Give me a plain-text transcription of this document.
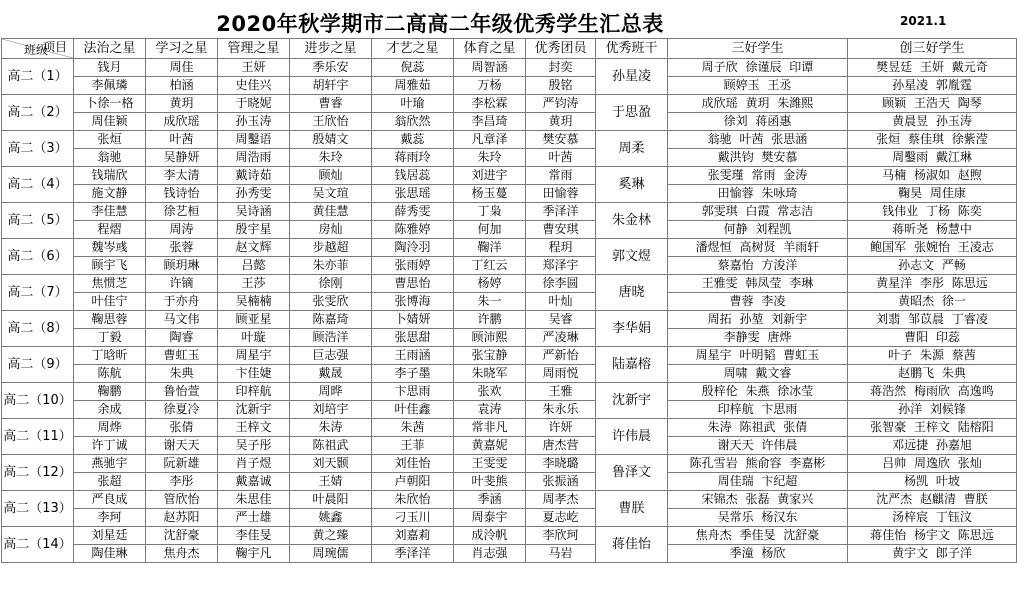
2020年秋学期市二高高二年级优秀学生汇总表	2021.1
项目
班级	法治之星	学习之星	管理之星	进步之星	才艺之星	体育之星	优秀团员	优秀班干	三好学生	创三好学生

高二（1）	钱月	周佳	王妍	季乐安	倪蕊	周智涵	封奕	孙星凌	周子欣 徐谨辰 印谭	樊昱廷 王妍 戴元奇
	李佩璘	柏涵	史佳兴	胡轩宇	周雅茹	万杨	殷铭		顾婷玉 王丞	孙星凌 郭胤霆
高二（2）	卜徐一格	黄玥	于晓妮	曹睿	叶瑜	李松霖	严钧涛	于思盈	成欣瑶 黄玥 朱潍熙	顾颖 王浩天 陶琴
	周佳颖	成欣瑶	孙玉涛	王欣怡	翁欣然	李昌琦	黄玥		徐刘 蒋函惠	黄晨昱 孙玉涛
高二（3）	张烜	叶茜	周鑿语	殷婧文	戴蕊	凡章泽	樊安慕	周柔	翁驰 叶茜 张思涵	张烜 蔡佳琪 徐紫滢
	翁驰	吴静妍	周浩雨	朱玲	蒋雨玲	朱玲	叶茜		戴洪钧 樊安慕	周鑿雨 戴江琳
高二（4）	钱瑞欣	李太清	戴诗茹	顾灿	钱居蕊	刘进宇	常雨	奚琳	张雯瑾 常雨 金涛	马楠 杨淑如 赵煦
	施文静	钱诗怡	孙秀雯	吴文瑄	张思瑶	杨玉蔓	田愉蓉		田愉蓉 朱咏琦	鞠昊 周佳康
高二（5）	李佳慧	徐艺桓	吴诗涵	黄佳慧	薛秀雯	丁枭	季泽洋	朱金林	郭雯琪 白霞 常志洁	钱伟业 丁杨 陈奕
	程熠	周涛	殷宇星	房灿	陈雅婷	何加	曹安琪		何静 刘程凯	蒋昕尧 杨慧中
高二（6）	魏岑彧	张蓉	赵文辉	步越超	陶泠羽	鞠洋	程玥	郭文煜	潘煜恒 高树贤 羊雨轩	鲍国军 张婉怡 王凌志
	顾宇飞	顾玥琳	吕懿	朱亦菲	张雨婷	丁红云	郑泽宇		蔡嘉怡 方浚洋	孙志文 严畅
高二（7）	焦惯芝	许镝	王莎	徐刚	曹思怡	杨婷	徐李圆	唐晓	王雅雯 韩凤莹 李琳	黄星洋 李彤 陈思远
	叶佳宁	于亦舟	吴楠楠	张雯欣	张博海	朱一	叶灿		曹蓉 李凌	黄昭杰 徐一
高二（8）	鞠思蓉	马文伟	顾亚星	陈嘉琦	卜婧妍	许鹏	吴睿	李华娟	周拓 孙堃 刘新宇	刘翡 邹苡晨 丁睿凌
	丁毅	陶睿	叶璇	顾浩洋	张思甜	顾沛熙	严凌琳		李静雯 唐烨	曹阳 印蕊
高二（9）	丁晗昕	曹虹玉	周星宇	巨志强	王雨涵	张宝静	严新怡	陆嘉榕	周星宇 叶明韬 曹虹玉	叶子 朱源 蔡茜
	陈航	朱典	卞佳婕	戴晟	李子墨	朱晓军	周雨悦		周啸 戴文睿	赵鹏飞 朱典
高二（10）	鞠鹏	鲁怡萱	印梓航	周晔	卞思雨	张欢	王雅	沈新宇	殷梓伦 朱燕 徐冰莹	蒋浩然 梅雨欣 高逸鸣
	余成	徐夏冷	沈新宇	刘培宇	叶佳鑫	袁涛	朱永乐		印梓航 卞思雨	孙洋 刘候锋
高二（11）	周烨	张倩	王梓文	朱涛	朱茜	常非凡	许妍	许伟晨	朱涛 陈祖武 张倩	张智豪 王梓文 陆榕阳
	许丁诚	谢天天	吴子彤	陈祖武	王菲	黄嘉妮	唐杰营		谢天天 许伟晨	邓远捷 孙嘉旭
高二（12）	燕驰宇	阮新雄	肖子煜	刘天颢	刘佳怡	王雯雯	李晓璐	鲁泽文	陈孔雪岩 熊俞容 李嘉彬	吕帅 周逸欣 张灿
	张超	李彤	戴嘉诚	王婧	卢朝阳	叶斐熊	张振涵		周佳瑞 卞纪超	杨凯 叶坡
高二（13）	严良成	管欣怡	朱思佳	叶晨阳	朱欣怡	季涵	周孝杰	曹朕	宋锦杰 张磊 黄家兴	沈严杰 赵麒清 曹朕
	李珂	赵苏阳	严士雄	姚鑫	刁玉川	周泰宇	夏志屹		吴常乐 杨汉东	汤梓宸 丁钰汶
高二（14）	刘星廷	沈舒豪	李佳旻	黄之臻	刘嘉莉	成泠帆	李欣珂	蒋佳怡	焦舟杰 季佳旻 沈舒豪	蒋佳怡 杨宇文 陈思远
	陶佳琳	焦舟杰	鞠宇凡	周琬儒	季泽洋	肖志强	马岩		季潼 杨欣	黄宇文 郎子洋
